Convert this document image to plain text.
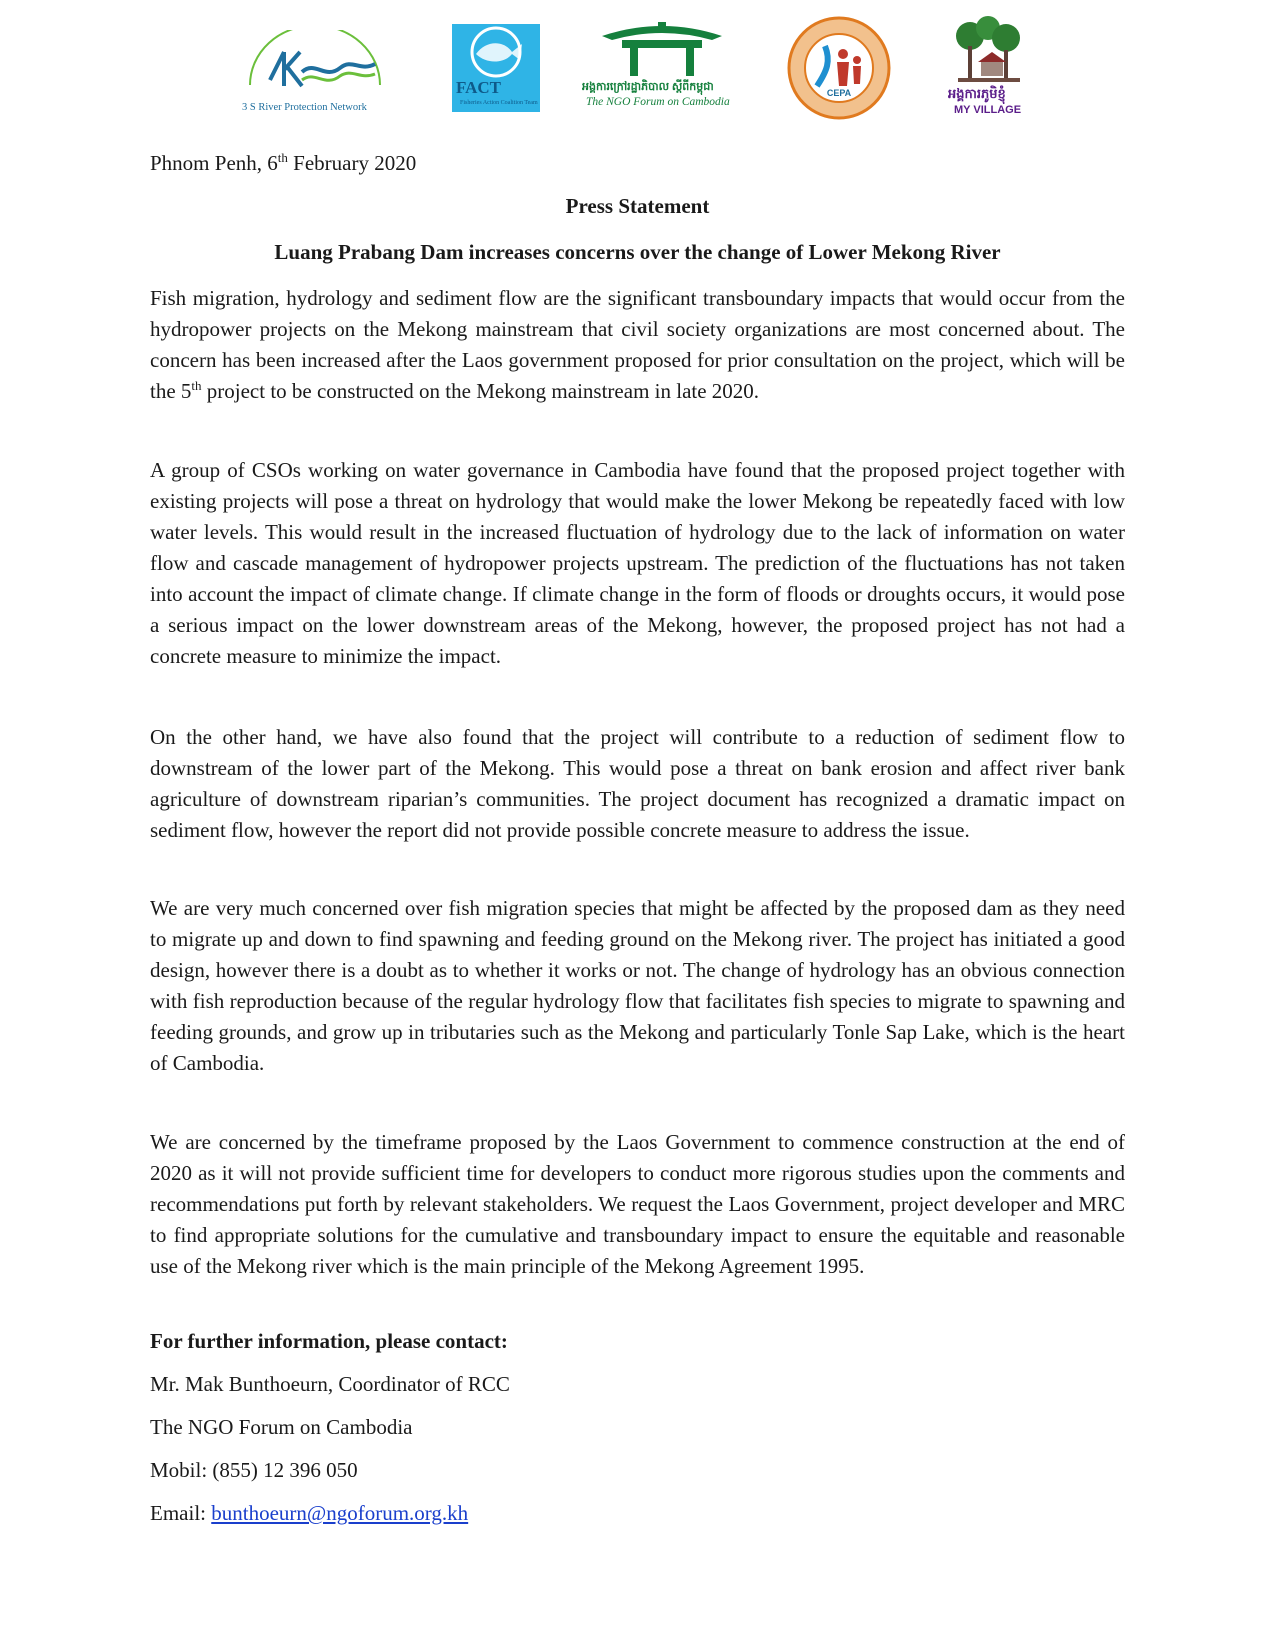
3 S River Protection Network
FACT
Fisheries Action Coalition Team
អង្គការក្រៅរដ្ឋាភិបាល ស្តីពីកម្ពុជា
The NGO Forum on Cambodia
CEPA	អង្គការភូមិខ្ញុំ
MY VILLAGE
Phnom Penh, 6th February 2020
Press Statement
Luang Prabang Dam increases concerns over the change of Lower Mekong River
Fish migration, hydrology and sediment flow are the significant transboundary impacts that would occur from the hydropower projects on the Mekong mainstream that civil society organizations are most concerned about. The concern has been increased after the Laos government proposed for prior consultation on the project, which will be the 5th project to be constructed on the Mekong mainstream in late 2020.
A group of CSOs working on water governance in Cambodia have found that the proposed project together with existing projects will pose a threat on hydrology that would make the lower Mekong be repeatedly faced with low water levels. This would result in the increased fluctuation of hydrology due to the lack of information on water flow and cascade management of hydropower projects upstream. The prediction of the fluctuations has not taken into account the impact of climate change. If climate change in the form of floods or droughts occurs, it would pose a serious impact on the lower downstream areas of the Mekong, however, the proposed project has not had a concrete measure to minimize the impact.
On the other hand, we have also found that the project will contribute to a reduction of sediment flow to downstream of the lower part of the Mekong. This would pose a threat on bank erosion and affect river bank agriculture of downstream riparian’s communities. The project document has recognized a dramatic impact on sediment flow, however the report did not provide possible concrete measure to address the issue.
We are very much concerned over fish migration species that might be affected by the proposed dam as they need to migrate up and down to find spawning and feeding ground on the Mekong river. The project has initiated a good design, however there is a doubt as to whether it works or not. The change of hydrology has an obvious connection with fish reproduction because of the regular hydrology flow that facilitates fish species to migrate to spawning and feeding grounds, and grow up in tributaries such as the Mekong and particularly Tonle Sap Lake, which is the heart of Cambodia.
We are concerned by the timeframe proposed by the Laos Government to commence construction at the end of 2020 as it will not provide sufficient time for developers to conduct more rigorous studies upon the comments and recommendations put forth by relevant stakeholders. We request the Laos Government, project developer and MRC to find appropriate solutions for the cumulative and transboundary impact to ensure the equitable and reasonable use of the Mekong river which is the main principle of the Mekong Agreement 1995.
For further information, please contact:
Mr. Mak Bunthoeurn, Coordinator of RCC
The NGO Forum on Cambodia
Mobil: (855) 12 396 050
Email: bunthoeurn@ngoforum.org.kh
